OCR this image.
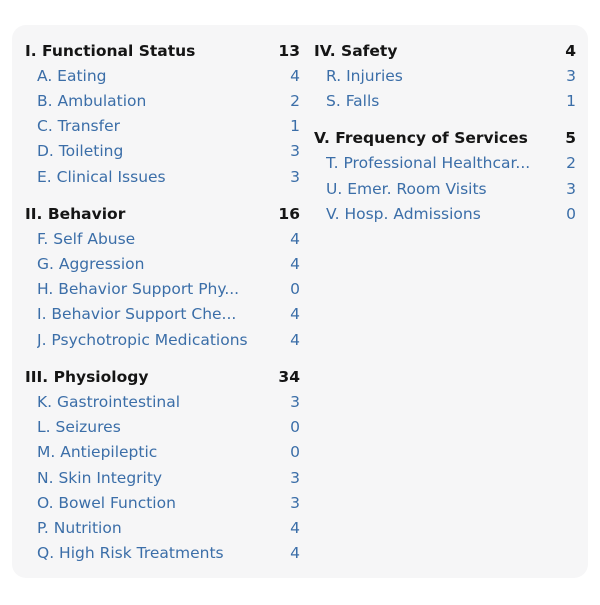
I. Functional Status	13
A. Eating	4
B. Ambulation	2
C. Transfer	1
D. Toileting	3
E. Clinical Issues	3
II. Behavior	16
F. Self Abuse	4
G. Aggression	4
H. Behavior Support Phy...	0
I. Behavior Support Che...	4
J. Psychotropic Medications	4
III. Physiology	34
K. Gastrointestinal	3
L. Seizures	0
M. Antiepileptic	0
N. Skin Integrity	3
O. Bowel Function	3
P. Nutrition	4
Q. High Risk Treatments	4
IV. Safety	4
R. Injuries	3
S. Falls	1
V. Frequency of Services	5
T. Professional Healthcar...	2
U. Emer. Room Visits	3
V. Hosp. Admissions	0
